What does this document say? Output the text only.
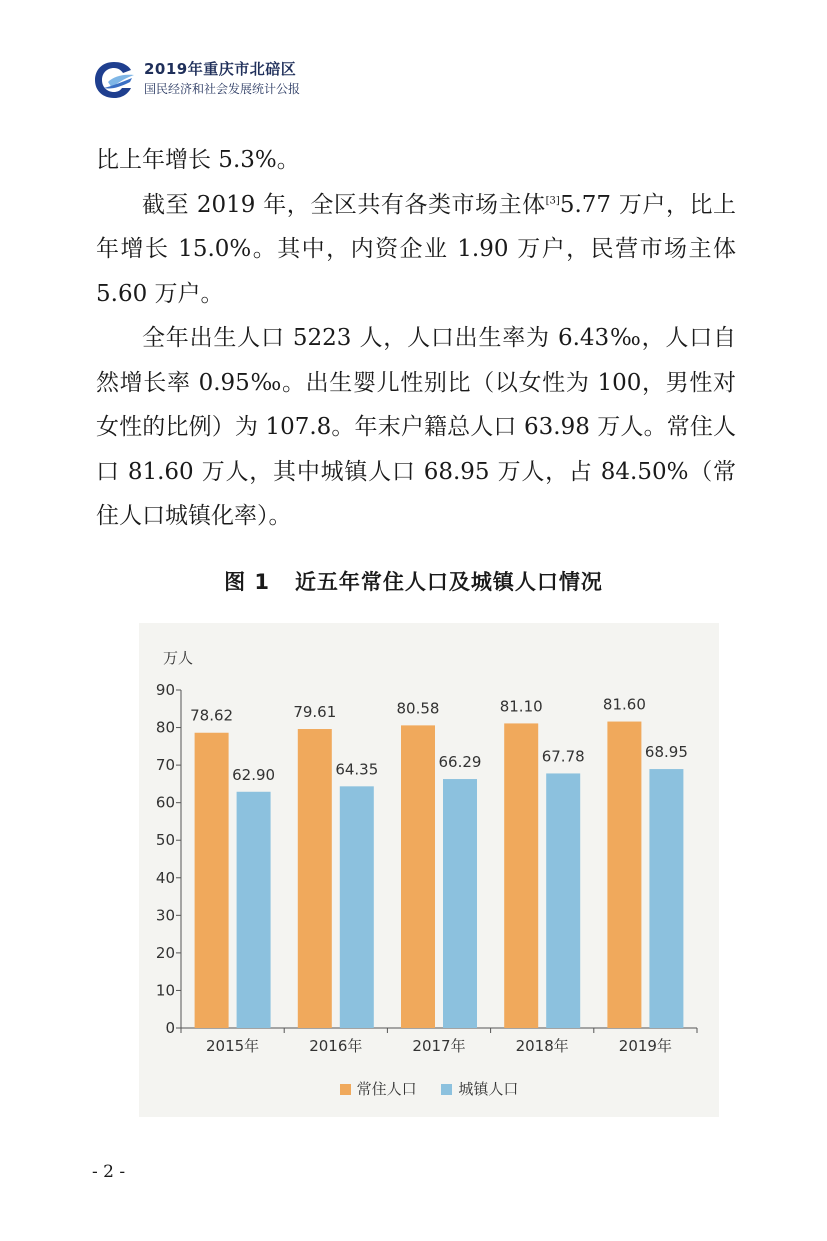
2019年重庆市北碚区
国民经济和社会发展统计公报

比上年增长 5.3%。

截至 2019 年，全区共有各类市场主体[3]5.77 万户，比上年增长 15.0%。其中，内资企业 1.90 万户，民营市场主体 5.60 万户。

全年出生人口 5223 人，人口出生率为 6.43‰，人口自然增长率 0.95‰。出生婴儿性别比（以女性为 100，男性对女性的比例）为 107.8。年末户籍总人口 63.98 万人。常住人口 81.60 万人，其中城镇人口 68.95 万人，占 84.50%（常住人口城镇化率）。

图 1 近五年常住人口及城镇人口情况
万人
0
10
20
30
40
50
60
70
80
90
78.62
62.90
2015年
79.61
64.35
2016年
80.58
66.29
2017年
81.10
67.78
2018年
81.60
68.95
2019年
常住人口	城镇人口
- 2 -
